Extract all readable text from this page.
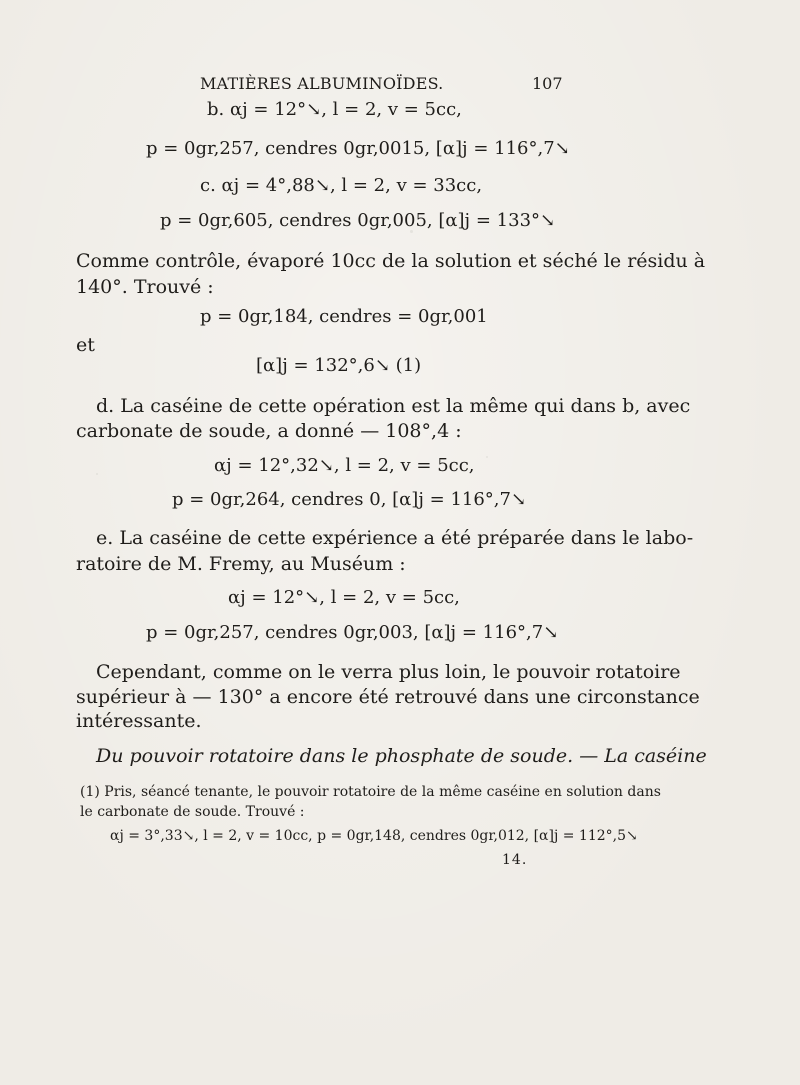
MATIÈRES ALBUMINOÏDES.	107
b. αj = 12°↘, l = 2, v = 5cc,
p = 0gr,257, cendres 0gr,0015, [α]j = 116°,7↘
c. αj = 4°,88↘, l = 2, v = 33cc,
p = 0gr,605, cendres 0gr,005, [α]j = 133°↘
Comme contrôle, évaporé 10cc de la solution et séché le résidu à
140°. Trouvé :
p = 0gr,184, cendres = 0gr,001
et
[α]j = 132°,6↘ (1)
d. La caséine de cette opération est la même qui dans b, avec
carbonate de soude, a donné — 108°,4 :
αj = 12°,32↘, l = 2, v = 5cc,
p = 0gr,264, cendres 0, [α]j = 116°,7↘
e. La caséine de cette expérience a été préparée dans le labo-
ratoire de M. Fremy, au Muséum :
αj = 12°↘, l = 2, v = 5cc,
p = 0gr,257, cendres 0gr,003, [α]j = 116°,7↘
Cependant, comme on le verra plus loin, le pouvoir rotatoire
supérieur à — 130° a encore été retrouvé dans une circonstance
intéressante.
Du pouvoir rotatoire dans le phosphate de soude. — La caséine
(1) Pris, séancé tenante, le pouvoir rotatoire de la même caséine en solution dans
le carbonate de soude. Trouvé :
αj = 3°,33↘, l = 2, v = 10cc, p = 0gr,148, cendres 0gr,012, [α]j = 112°,5↘
14.
